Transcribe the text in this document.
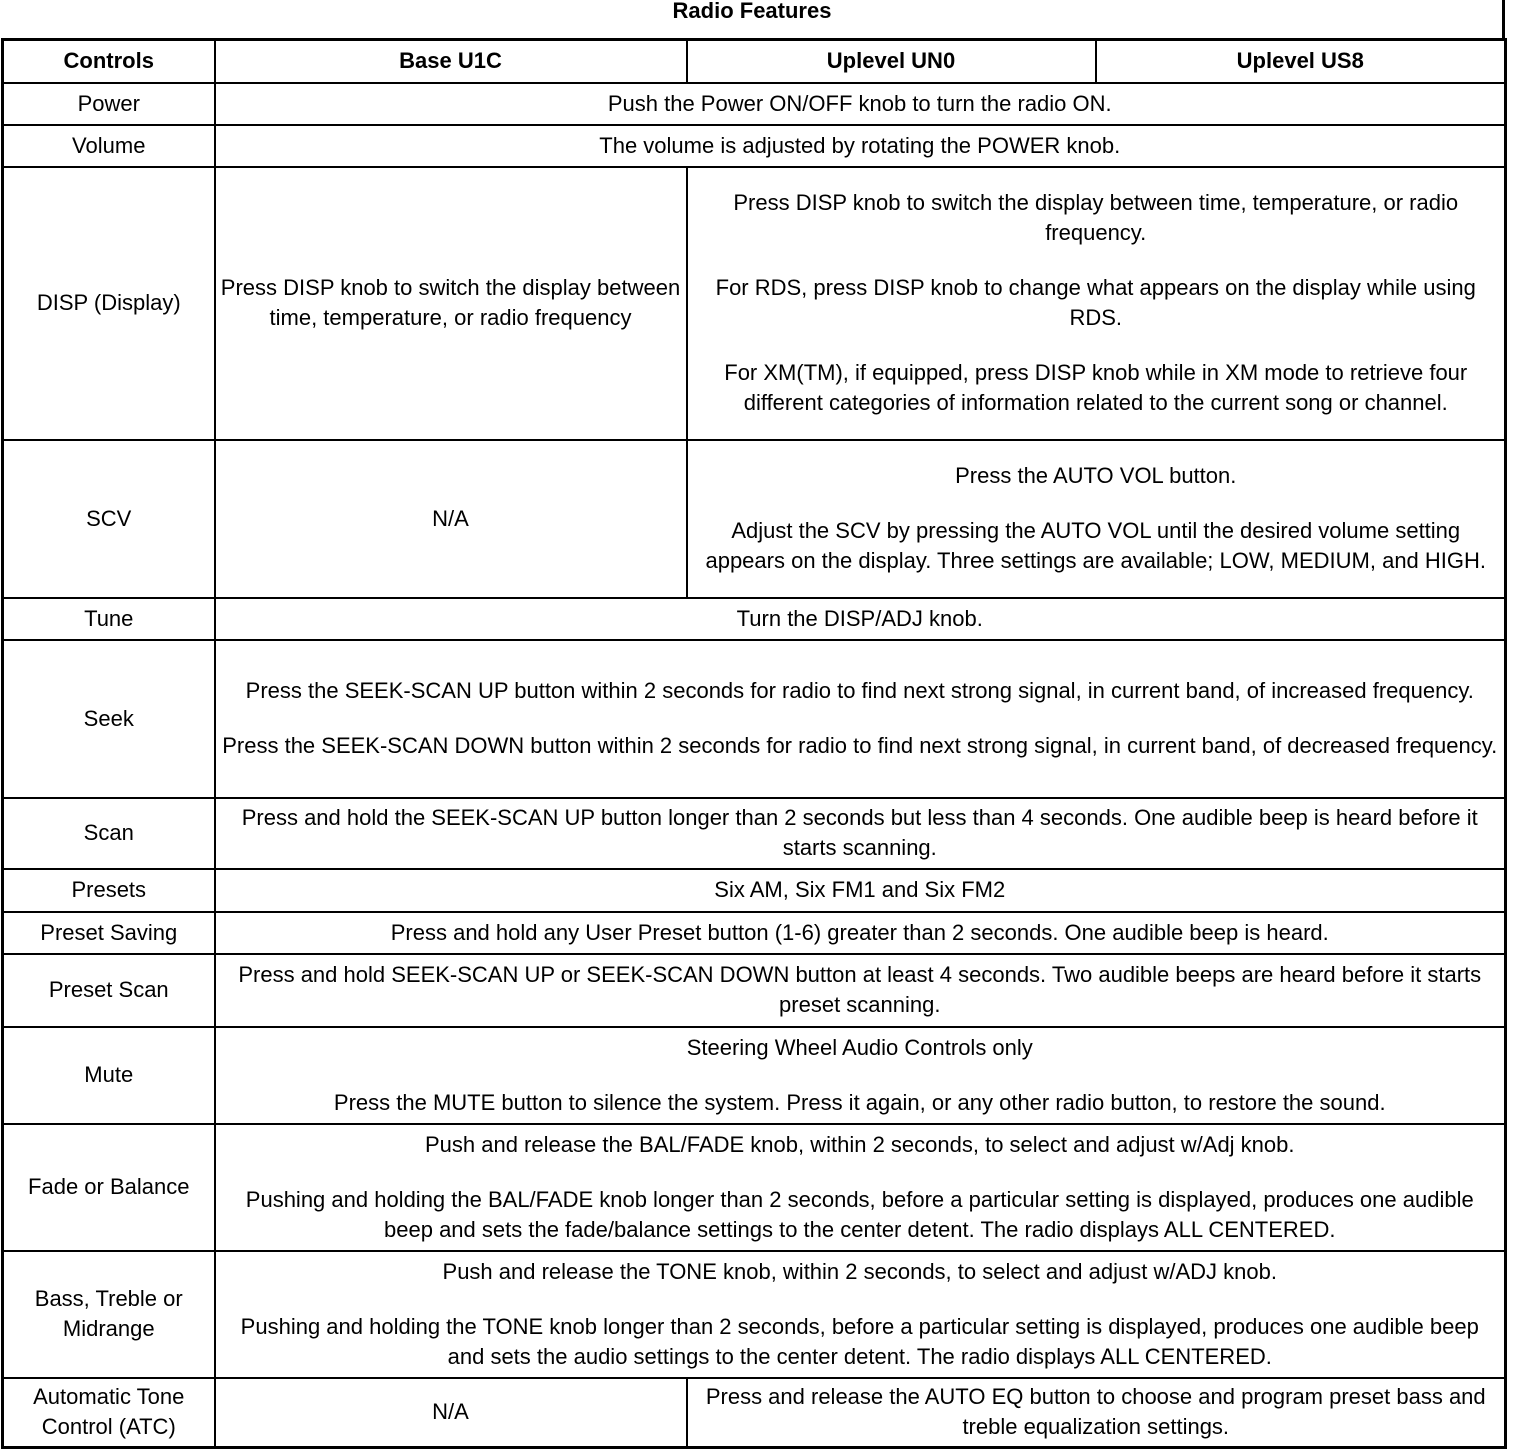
Radio Features
Controls	Base U1C	Uplevel UN0	Uplevel US8
Power	Push the Power ON/OFF knob to turn the radio ON.		
Volume	The volume is adjusted by rotating the POWER knob.		
DISP (Display)	Press DISP knob to switch the display between time, temperature, or radio frequency	Press DISP knob to switch the display between time, temperature, or radio frequency.
For RDS, press DISP knob to change what appears on the display while using RDS.
For XM(TM), if equipped, press DISP knob while in XM mode to retrieve four different categories of information related to the current song or channel.	

SCV	N/A	Press the AUTO VOL button.
Adjust the SCV by pressing the AUTO VOL until the desired volume setting appears on the display. Three settings are available; LOW, MEDIUM, and HIGH.	

Tune	Turn the DISP/ADJ knob.		
Seek	Press the SEEK-SCAN UP button within 2 seconds for radio to find next strong signal, in current band, of increased frequency.
Press the SEEK-SCAN DOWN button within 2 seconds for radio to find next strong signal, in current band, of decreased frequency.		

Scan	Press and hold the SEEK-SCAN UP button longer than 2 seconds but less than 4 seconds. One audible beep is heard before it starts scanning.		
Presets	Six AM, Six FM1 and Six FM2		
Preset Saving	Press and hold any User Preset button (1-6) greater than 2 seconds. One audible beep is heard.		
Preset Scan	Press and hold SEEK-SCAN UP or SEEK-SCAN DOWN button at least 4 seconds. Two audible beeps are heard before it starts preset scanning.		
Mute	Steering Wheel Audio Controls only
Press the MUTE button to silence the system. Press it again, or any other radio button, to restore the sound.		

Fade or Balance	Push and release the BAL/FADE knob, within 2 seconds, to select and adjust w/Adj knob.
Pushing and holding the BAL/FADE knob longer than 2 seconds, before a particular setting is displayed, produces one audible beep and sets the fade/balance settings to the center detent. The radio displays ALL CENTERED.		

Bass, Treble or Midrange	Push and release the TONE knob, within 2 seconds, to select and adjust w/ADJ knob.
Pushing and holding the TONE knob longer than 2 seconds, before a particular setting is displayed, produces one audible beep and sets the audio settings to the center detent. The radio displays ALL CENTERED.		

Automatic Tone Control (ATC)	N/A	Press and release the AUTO EQ button to choose and program preset bass and treble equalization settings.	
